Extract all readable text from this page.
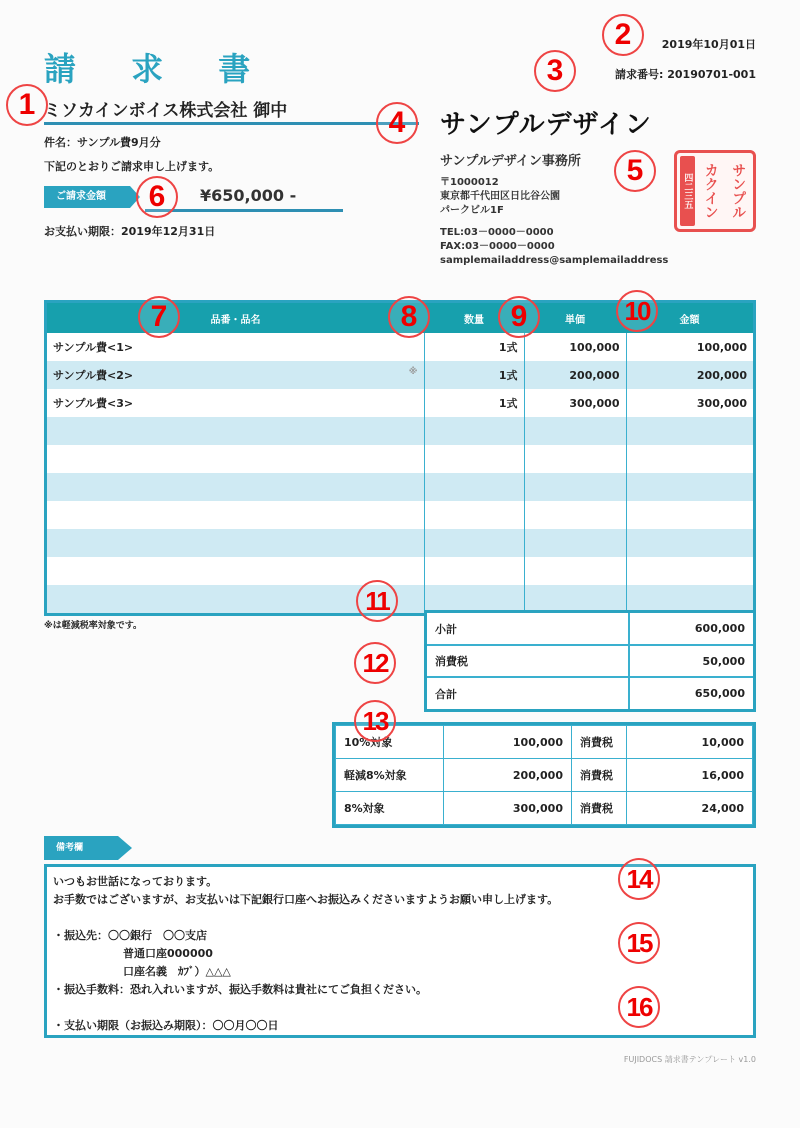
請 求 書
ミソカインボイス株式会社 御中
件名：サンプル費9月分
下記のとおりご請求申し上げます。
ご請求金額	¥650,000 -
お支払い期限：2019年12月31日
2019年10月01日
請求番号: 20190701-001
サンプルデザイン
サンプルデザイン事務所
〒1000012
東京都千代田区日比谷公園
パークビル1F
TEL:03－0000－0000
FAX:03－0000－0000
samplemailaddress@samplemailaddress
四二三五 カクイン サンプル
品番・品名	数量	単価	金額
サンプル費<1>	1式	100,000	100,000
サンプル費<2> ※	1式	200,000	200,000
サンプル費<3>	1式	300,000	300,000

※は軽減税率対象です。	小計	600,000
消費税	50,000
合計	650,000
10%対象	100,000	消費税	10,000
軽減8%対象	200,000	消費税	16,000
8%対象	300,000	消費税	24,000
備考欄
いつもお世話になっております。
お手数ではございますが、お支払いは下記銀行口座へお振込みくださいますようお願い申し上げます。
・振込先：〇〇銀行　〇〇支店
普通口座000000
口座名義　ｶﾌﾞ）△△△
・振込手数料：恐れ入れいますが、振込手数料は貴社にてご負担ください。
・支払い期限（お振込み期限）：〇〇月〇〇日
FUJIDOCS 請求書テンプレート v1.0
1
2
3
4
5
6
7	8	9	10
11
12
13
14
15
16
